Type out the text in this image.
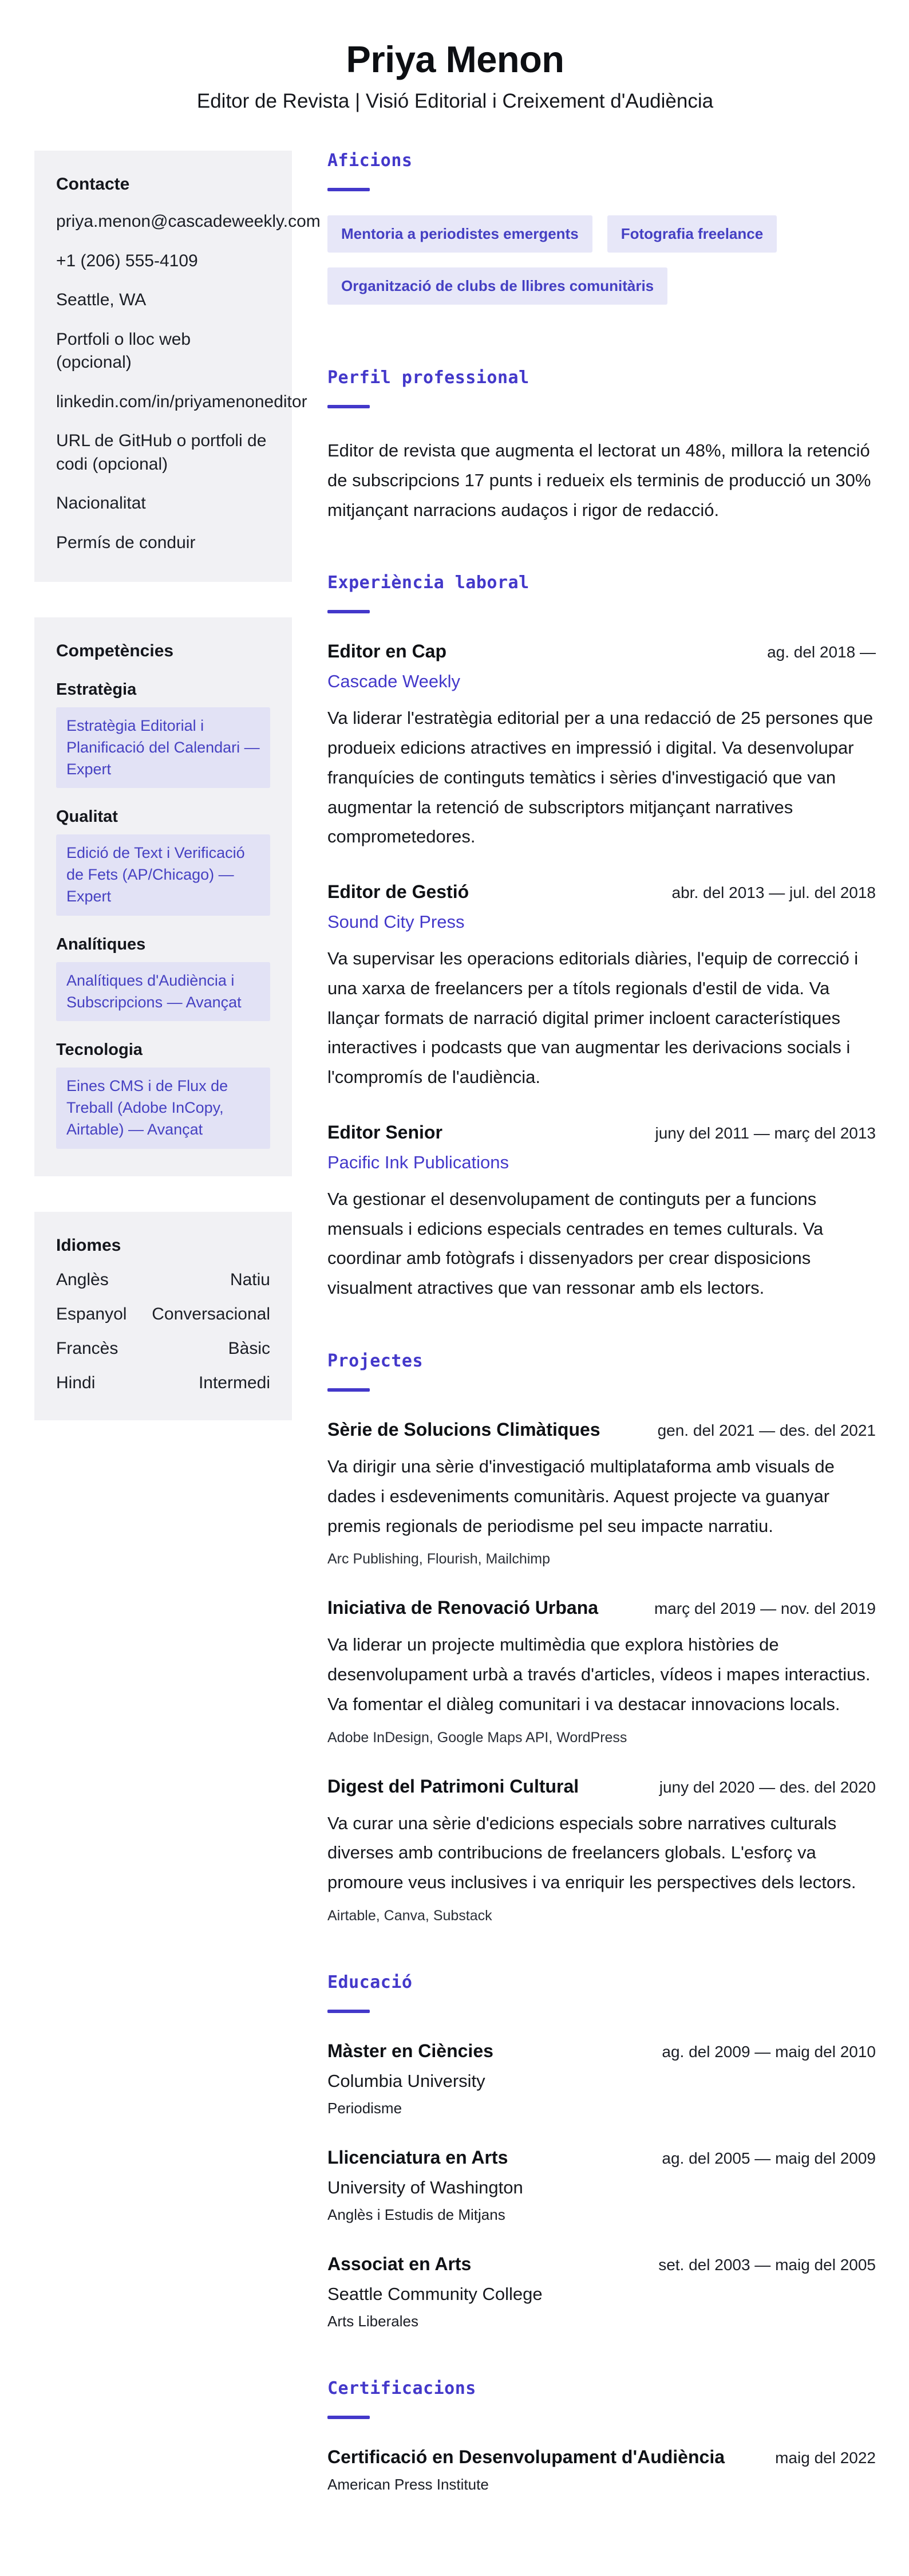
Priya Menon
Editor de Revista | Visió Editorial i Creixement d'Audiència
Contacte
priya.menon@cascadeweekly.com
+1 (206) 555-4109
Seattle, WA
Portfoli o lloc web (opcional)
linkedin.com/in/priyamenoneditor
URL de GitHub o portfoli de codi (opcional)
Nacionalitat
Permís de conduir
Competències
Estratègia
Estratègia Editorial i Planificació del Calendari — Expert
Qualitat
Edició de Text i Verificació de Fets (AP/Chicago) — Expert
Analítiques
Analítiques d'Audiència i Subscripcions — Avançat
Tecnologia
Eines CMS i de Flux de Treball (Adobe InCopy, Airtable) — Avançat
Idiomes
Anglès	Natiu
Espanyol Conversacional
Francès	Bàsic
Hindi	Intermedi
Aficions
Mentoria a periodistes emergents	Fotografia freelance
Organització de clubs de llibres comunitàris
Perfil professional

Editor de revista que augmenta el lectorat un 48%, millora la retenció de subscripcions 17 punts i redueix els terminis de producció un 30% mitjançant narracions audaços i rigor de redacció.

Experiència laboral
Editor en Cap	ag. del 2018 —
Cascade Weekly

Va liderar l'estratègia editorial per a una redacció de 25 persones que produeix edicions atractives en impressió i digital. Va desenvolupar franquícies de continguts temàtics i sèries d'investigació que van augmentar la retenció de subscriptors mitjançant narratives comprometedores.

Editor de Gestió	abr. del 2013 — jul. del 2018
Sound City Press

Va supervisar les operacions editorials diàries, l'equip de correcció i una xarxa de freelancers per a títols regionals d'estil de vida. Va llançar formats de narració digital primer incloent característiques interactives i podcasts que van augmentar les derivacions socials i l'compromís de l'audiència.

Editor Senior	juny del 2011 — març del 2013
Pacific Ink Publications

Va gestionar el desenvolupament de continguts per a funcions mensuals i edicions especials centrades en temes culturals. Va coordinar amb fotògrafs i dissenyadors per crear disposicions visualment atractives que van ressonar amb els lectors.

Projectes
Sèrie de Solucions Climàtiques	gen. del 2021 — des. del 2021

Va dirigir una sèrie d'investigació multiplataforma amb visuals de dades i esdeveniments comunitàris. Aquest projecte va guanyar premis regionals de periodisme pel seu impacte narratiu.

Arc Publishing, Flourish, Mailchimp
Iniciativa de Renovació Urbana	març del 2019 — nov. del 2019

Va liderar un projecte multimèdia que explora històries de desenvolupament urbà a través d'articles, vídeos i mapes interactius. Va fomentar el diàleg comunitari i va destacar innovacions locals.

Adobe InDesign, Google Maps API, WordPress
Digest del Patrimoni Cultural	juny del 2020 — des. del 2020

Va curar una sèrie d'edicions especials sobre narratives culturals diverses amb contribucions de freelancers globals. L'esforç va promoure veus inclusives i va enriquir les perspectives dels lectors.

Airtable, Canva, Substack
Educació
Màster en Ciències	ag. del 2009 — maig del 2010
Columbia University
Periodisme
Llicenciatura en Arts	ag. del 2005 — maig del 2009
University of Washington
Anglès i Estudis de Mitjans
Associat en Arts	set. del 2003 — maig del 2005
Seattle Community College
Arts Liberales
Certificacions
Certificació en Desenvolupament d'Audiència	maig del 2022
American Press Institute
